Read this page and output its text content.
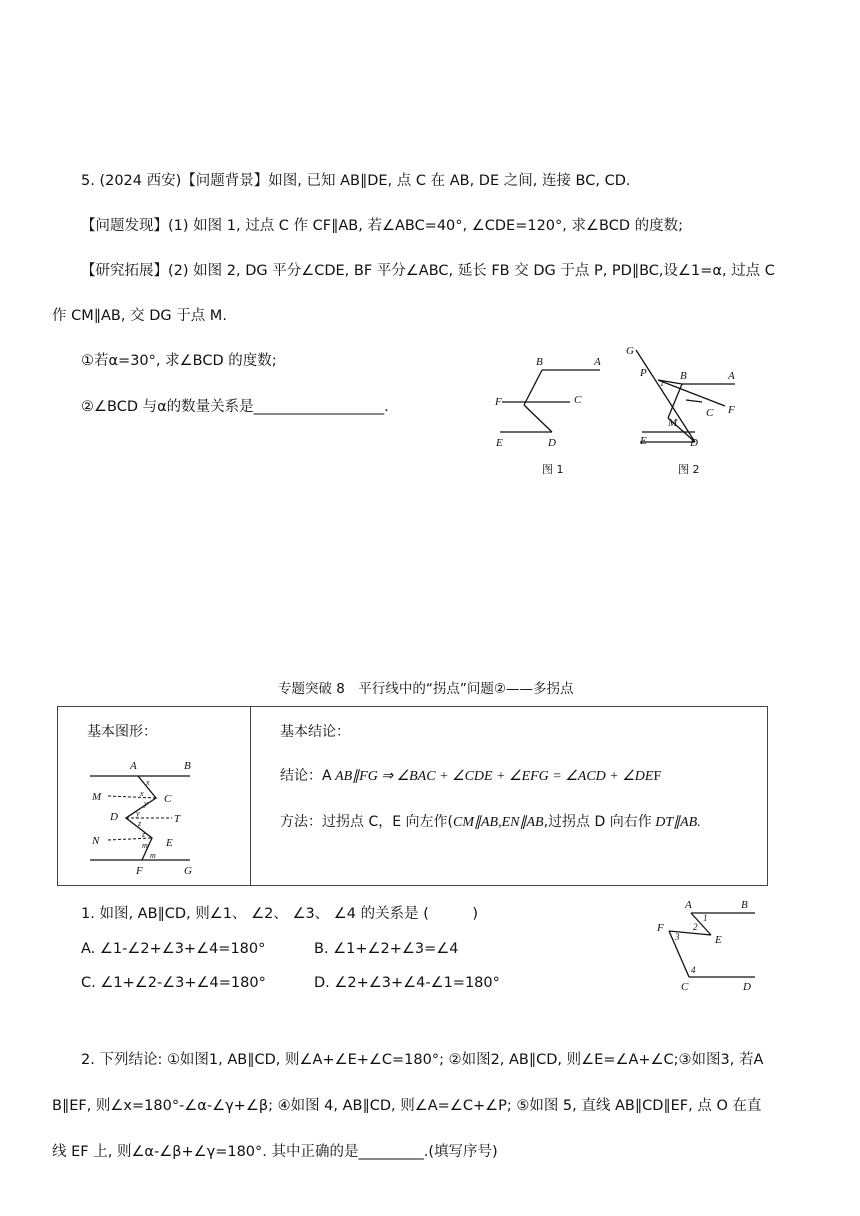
5. (2024 西安)【问题背景】如图, 已知 AB∥DE, 点 C 在 AB, DE 之间, 连接 BC, CD.
【问题发现】(1) 如图 1, 过点 C 作 CF∥AB, 若∠ABC=40°, ∠CDE=120°, 求∠BCD 的度数;
【研究拓展】(2) 如图 2, DG 平分∠CDE, BF 平分∠ABC, 延长 FB 交 DG 于点 P, PD∥BC,设∠1=α, 过点 C
作 CM∥AB, 交 DG 于点 M.
①若α=30°, 求∠BCD 的度数;
②∠BCD 与α的数量关系是__________________.
B	A
F	C
E	D
图 1
G
P
1
B	A
C F
M
E	D
图 2
专题突破 8　平行线中的“拐点”问题②——多拐点
基本图形：	基本结论：
A	B
M	C
D	T
N	E
F	G
x
x
y
y
z
z
m
m
结论：A AB∥FG ⇒ ∠BAC + ∠CDE + ∠EFG = ∠ACD + ∠DEF
方法：过拐点 C，E 向左作(CM∥AB,EN∥AB,过拐点 D 向右作 DT∥AB.
1. 如图, AB∥CD, 则∠1、 ∠2、 ∠3、 ∠4 的关系是 (　　　)
A. ∠1-∠2+∠3+∠4=180°	B. ∠1+∠2+∠3=∠4
C. ∠1+∠2-∠3+∠4=180°	D. ∠2+∠3+∠4-∠1=180°
A	B
1
2
F
3	E
4
C	D
2. 下列结论: ①如图1, AB∥CD, 则∠A+∠E+∠C=180°; ②如图2, AB∥CD, 则∠E=∠A+∠C;③如图3, 若A
B∥EF, 则∠x=180°-∠α-∠γ+∠β; ④如图 4, AB∥CD, 则∠A=∠C+∠P; ⑤如图 5, 直线 AB∥CD∥EF, 点 O 在直
线 EF 上, 则∠α-∠β+∠γ=180°. 其中正确的是_________.(填写序号)
